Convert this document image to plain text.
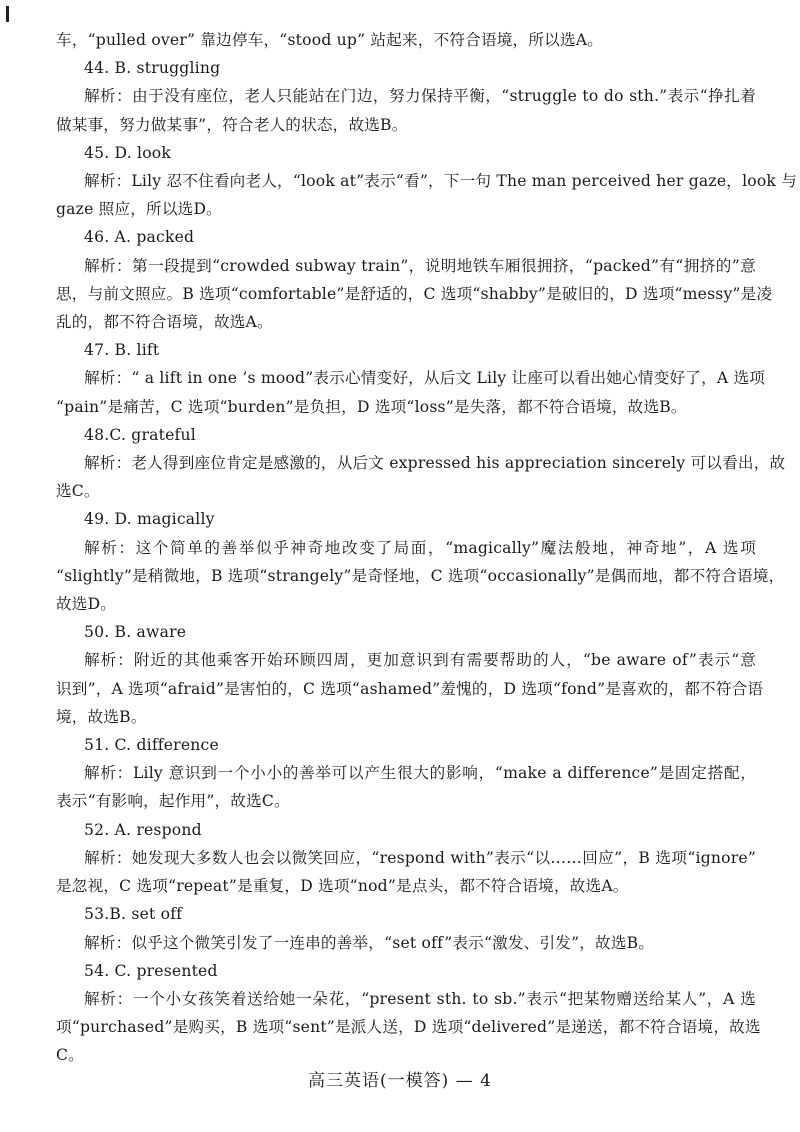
车，“pulled over” 靠边停车，“stood up” 站起来，不符合语境，所以选A。
44. B. struggling
解析：由于没有座位，老人只能站在门边，努力保持平衡，“struggle to do sth.”表示“挣扎着
做某事，努力做某事”，符合老人的状态，故选B。
45. D. look
解析：Lily 忍不住看向老人，“look at”表示“看”，下一句 The man perceived her gaze，look 与
gaze 照应，所以选D。
46. A. packed
解析：第一段提到“crowded subway train”，说明地铁车厢很拥挤，“packed”有“拥挤的”意
思，与前文照应。B 选项“comfortable”是舒适的，C 选项“shabby”是破旧的，D 选项“messy”是凌
乱的，都不符合语境，故选A。
47. B. lift
解析：“ a lift in one ’s mood”表示心情变好，从后文 Lily 让座可以看出她心情变好了，A 选项
“pain”是痛苦，C 选项“burden”是负担，D 选项“loss”是失落，都不符合语境，故选B。
48.C. grateful
解析：老人得到座位肯定是感激的，从后文 expressed his appreciation sincerely 可以看出，故
选C。
49. D. magically
解析：这个简单的善举似乎神奇地改变了局面，“magically”魔法般地，神奇地”，A 选项
“slightly”是稍微地，B 选项“strangely”是奇怪地，C 选项“occasionally”是偶而地，都不符合语境，
故选D。
50. B. aware
解析：附近的其他乘客开始环顾四周，更加意识到有需要帮助的人，“be aware of”表示“意
识到”，A 选项“afraid”是害怕的，C 选项“ashamed”羞愧的，D 选项“fond”是喜欢的，都不符合语
境，故选B。
51. C. difference
解析：Lily 意识到一个小小的善举可以产生很大的影响，“make a difference”是固定搭配，
表示“有影响，起作用”，故选C。
52. A. respond
解析：她发现大多数人也会以微笑回应，“respond with”表示“以……回应”，B 选项“ignore”
是忽视，C 选项“repeat”是重复，D 选项“nod”是点头，都不符合语境，故选A。
53.B. set off
解析：似乎这个微笑引发了一连串的善举，“set off”表示“激发、引发”，故选B。
54. C. presented
解析：一个小女孩笑着送给她一朵花，“present sth. to sb.”表示“把某物赠送给某人”，A 选
项“purchased”是购买，B 选项“sent”是派人送，D 选项“delivered”是递送，都不符合语境，故选
C。
高三英语(一模答) — 4
